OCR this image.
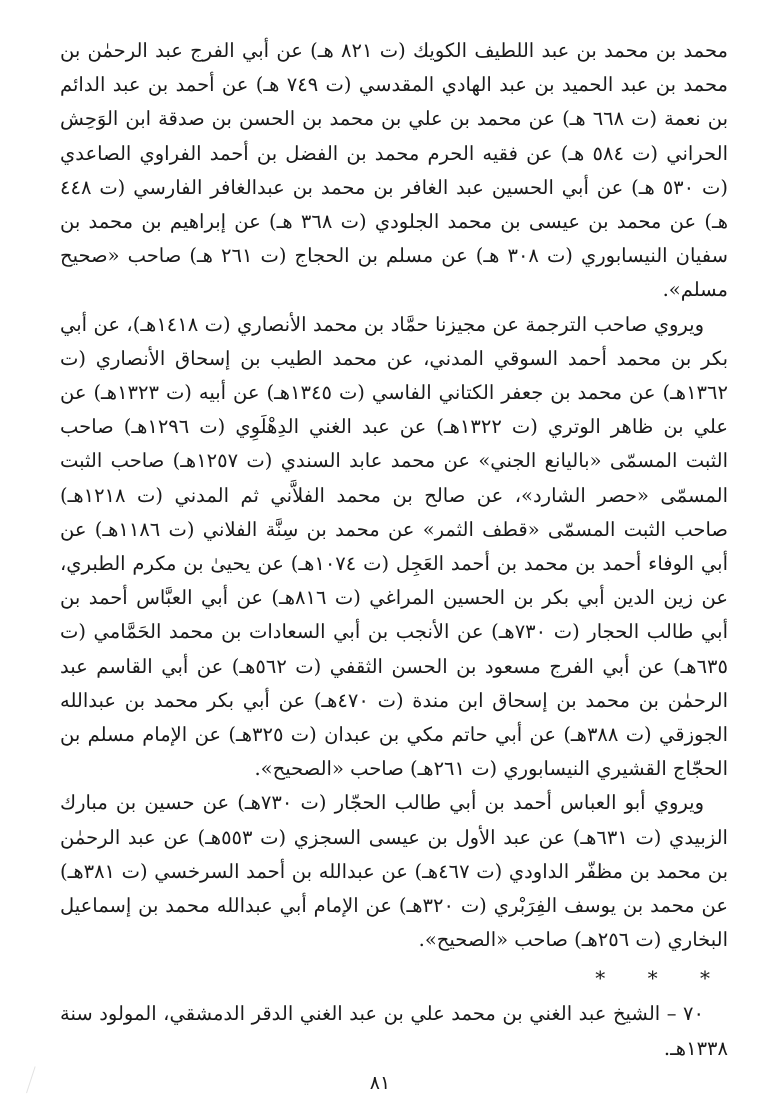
محمد بن محمد بن عبد اللطيف الكويك (ت ٨٢١ هـ) عن أبي الفرج عبد الرحمٰن بن محمد بن عبد الحميد بن عبد الهادي المقدسي (ت ٧٤٩ هـ) عن أحمد بن عبد الدائم بن نعمة (ت ٦٦٨ هـ) عن محمد بن علي بن محمد بن الحسن بن صدقة ابن الوَحِش الحراني (ت ٥٨٤ هـ) عن فقيه الحرم محمد بن الفضل بن أحمد الفراوي الصاعدي (ت ٥٣٠ هـ) عن أبي الحسين عبد الغافر بن محمد بن عبدالغافر الفارسي (ت ٤٤٨ هـ) عن محمد بن عيسى بن محمد الجلودي (ت ٣٦٨ هـ) عن إبراهيم بن محمد بن سفيان النيسابوري (ت ٣٠٨ هـ) عن مسلم بن الحجاج (ت ٢٦١ هـ) صاحب «صحيح مسلم».

ويروي صاحب الترجمة عن مجيزنا حمَّاد بن محمد الأنصاري (ت ١٤١٨هـ)، عن أبي بكر بن محمد أحمد السوقي المدني، عن محمد الطيب بن إسحاق الأنصاري (ت ١٣٦٢هـ) عن محمد بن جعفر الكتاني الفاسي (ت ١٣٤٥هـ) عن أبيه (ت ١٣٢٣هـ) عن علي بن ظاهر الوتري (ت ١٣٢٢هـ) عن عبد الغني الدِهْلَوِي (ت ١٢٩٦هـ) صاحب الثبت المسمّى «باليانع الجني» عن محمد عابد السندي (ت ١٢٥٧هـ) صاحب الثبت المسمّى «حصر الشارد»، عن صالح بن محمد الفلاَّني ثم المدني (ت ١٢١٨هـ) صاحب الثبت المسمّى «قطف الثمر» عن محمد بن سِنَّة الفلاني (ت ١١٨٦هـ) عن أبي الوفاء أحمد بن محمد بن أحمد العَجِل (ت ١٠٧٤هـ) عن يحيىٰ بن مكرم الطبري، عن زين الدين أبي بكر بن الحسين المراغي (ت ٨١٦هـ) عن أبي العبَّاس أحمد بن أبي طالب الحجار (ت ٧٣٠هـ) عن الأنجب بن أبي السعادات بن محمد الحَمَّامي (ت ٦٣٥هـ) عن أبي الفرج مسعود بن الحسن الثقفي (ت ٥٦٢هـ) عن أبي القاسم عبد الرحمٰن بن محمد بن إسحاق ابن مندة (ت ٤٧٠هـ) عن أبي بكر محمد بن عبدالله الجوزقي (ت ٣٨٨هـ) عن أبي حاتم مكي بن عبدان (ت ٣٢٥هـ) عن الإمام مسلم بن الحجّاج القشيري النيسابوري (ت ٢٦١هـ) صاحب «الصحيح».

ويروي أبو العباس أحمد بن أبي طالب الحجّار (ت ٧٣٠هـ) عن حسين بن مبارك الزبيدي (ت ٦٣١هـ) عن عبد الأول بن عيسى السجزي (ت ٥٥٣هـ) عن عبد الرحمٰن بن محمد بن مظفّر الداودي (ت ٤٦٧هـ) عن عبدالله بن أحمد السرخسي (ت ٣٨١هـ) عن محمد بن يوسف الفِرَبْري (ت ٣٢٠هـ) عن الإمام أبي عبدالله محمد بن إسماعيل البخاري (ت ٢٥٦هـ) صاحب «الصحيح».

* * *

٧٠ – الشيخ عبد الغني بن محمد علي بن عبد الغني الدقر الدمشقي، المولود سنة ١٣٣٨هـ.

٨١
